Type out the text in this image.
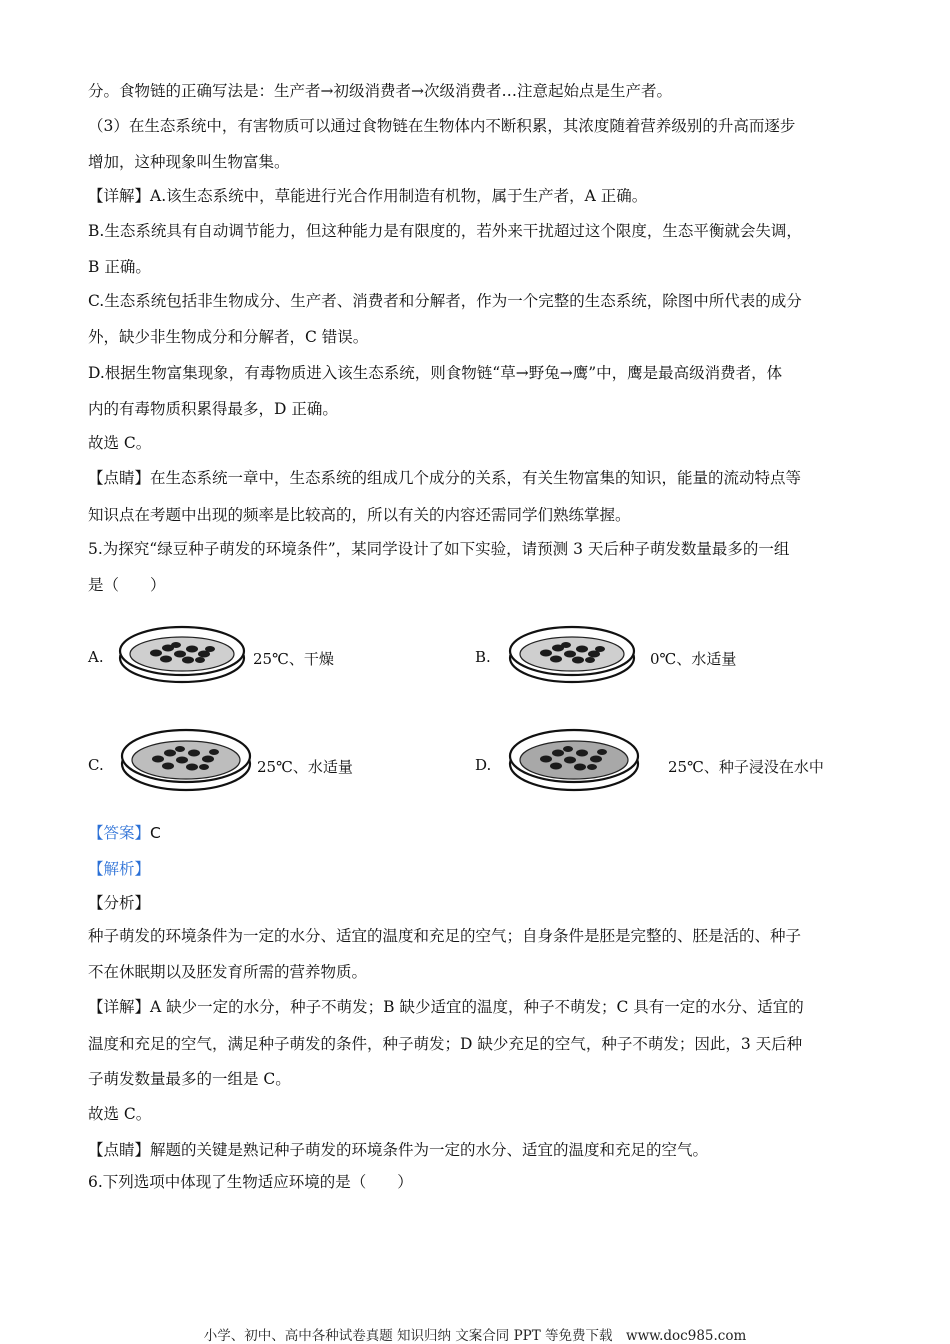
分。食物链的正确写法是：生产者→初级消费者→次级消费者…注意起始点是生产者。
（3）在生态系统中，有害物质可以通过食物链在生物体内不断积累，其浓度随着营养级别的升高而逐步
增加，这种现象叫生物富集。
【详解】A.该生态系统中，草能进行光合作用制造有机物，属于生产者，A 正确。
B.生态系统具有自动调节能力，但这种能力是有限度的，若外来干扰超过这个限度，生态平衡就会失调，
B 正确。
C.生态系统包括非生物成分、生产者、消费者和分解者，作为一个完整的生态系统，除图中所代表的成分
外，缺少非生物成分和分解者，C 错误。
D.根据生物富集现象，有毒物质进入该生态系统，则食物链“草→野兔→鹰”中，鹰是最高级消费者，体
内的有毒物质积累得最多，D 正确。
故选 C。
【点睛】在生态系统一章中，生态系统的组成几个成分的关系，有关生物富集的知识，能量的流动特点等
知识点在考题中出现的频率是比较高的，所以有关的内容还需同学们熟练掌握。
5.为探究“绿豆种子萌发的环境条件”，某同学设计了如下实验，请预测 3 天后种子萌发数量最多的一组
是（　　）
A.	25℃、干燥	B.	0℃、水适量
C.	25℃、水适量	D.	25℃、种子浸没在水中
【答案】C
【解析】
【分析】
种子萌发的环境条件为一定的水分、适宜的温度和充足的空气；自身条件是胚是完整的、胚是活的、种子
不在休眠期以及胚发育所需的营养物质。
【详解】A 缺少一定的水分，种子不萌发；B 缺少适宜的温度，种子不萌发；C 具有一定的水分、适宜的
温度和充足的空气，满足种子萌发的条件，种子萌发；D 缺少充足的空气，种子不萌发；因此，3 天后种
子萌发数量最多的一组是 C。
故选 C。
【点睛】解题的关键是熟记种子萌发的环境条件为一定的水分、适宜的温度和充足的空气。
6.下列选项中体现了生物适应环境的是（　　）
小学、初中、高中各种试卷真题 知识归纳 文案合同 PPT 等免费下载　www.doc985.com
